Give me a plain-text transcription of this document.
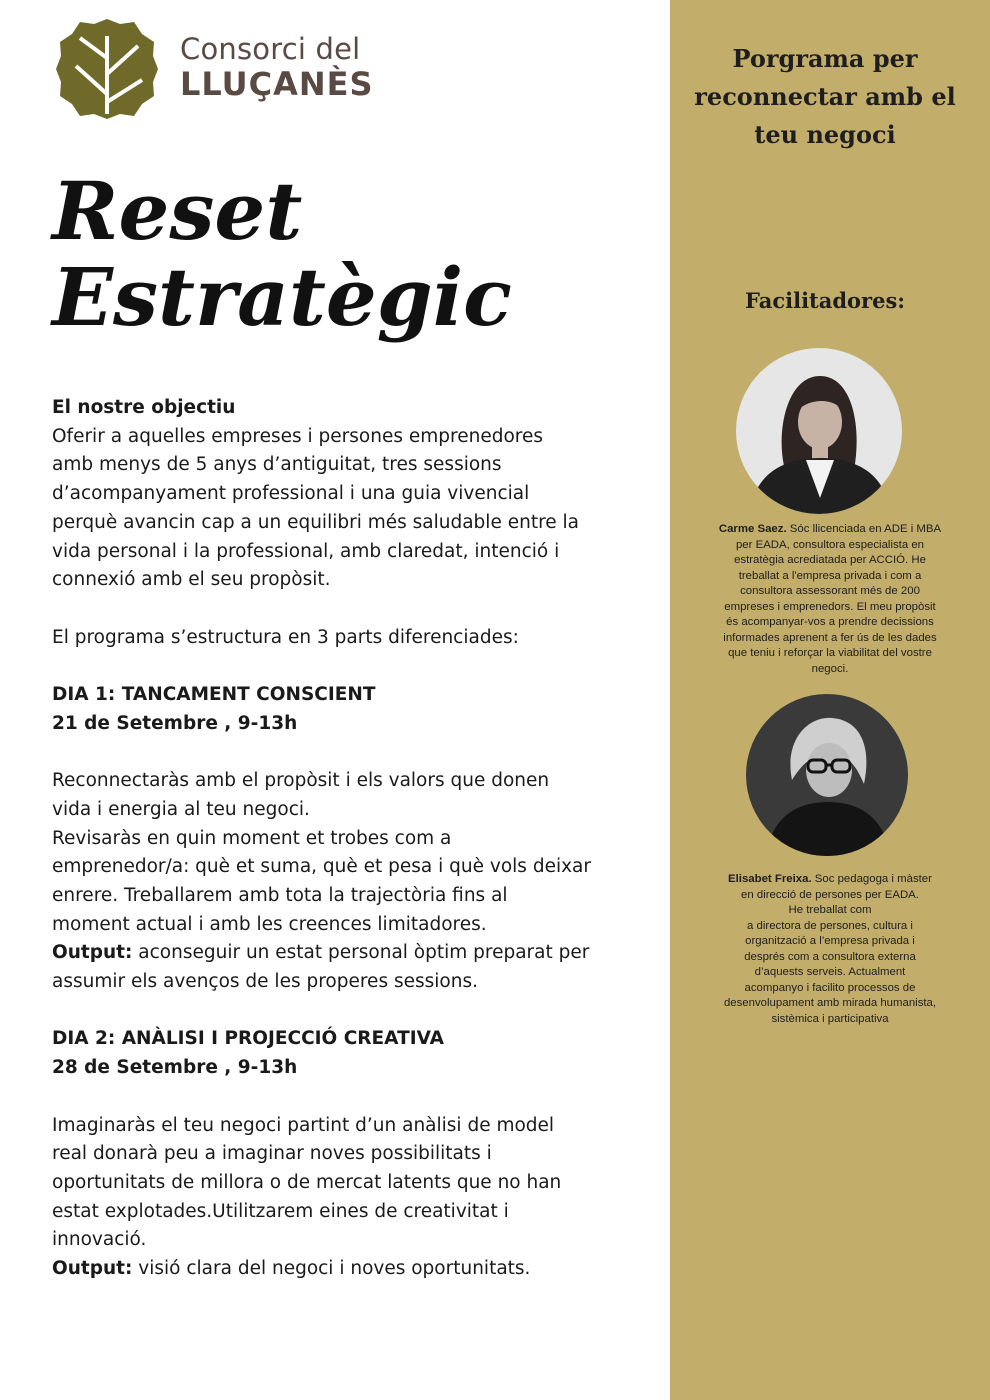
Consorci del
LLUÇANÈS
Reset
Estratègic

El nostre objectiu

Oferir a aquelles empreses i persones emprenedores

amb menys de 5 anys d’antiguitat, tres sessions

d’acompanyament professional i una guia vivencial

perquè avancin cap a un equilibri més saludable entre la

vida personal i la professional, amb claredat, intenció i

connexió amb el seu propòsit.

El programa s’estructura en 3 parts diferenciades:

DIA 1: TANCAMENT CONSCIENT

21 de Setembre , 9-13h

Reconnectaràs amb el propòsit i els valors que donen

vida i energia al teu negoci.

Revisaràs en quin moment et trobes com a

emprenedor/a: què et suma, què et pesa i què vols deixar

enrere. Treballarem amb tota la trajectòria fins al

moment actual i amb les creences limitadores.

Output: aconseguir un estat personal òptim preparat per

assumir els avenços de les properes sessions.

DIA 2: ANÀLISI I PROJECCIÓ CREATIVA

28 de Setembre , 9-13h

Imaginaràs el teu negoci partint d’un anàlisi de model

real donarà peu a imaginar noves possibilitats i

oportunitats de millora o de mercat latents que no han

estat explotades.Utilitzarem eines de creativitat i

innovació.

Output: visió clara del negoci i noves oportunitats.

Porgrama per
reconnectar amb el
teu negoci
Facilitadores:
Carme Saez. Sóc llicenciada en ADE i MBA
per EADA, consultora especialista en
estratègia acrediatada per ACCIÓ. He
treballat a l'empresa privada i com a
consultora assessorant més de 200
empreses i emprenedors. El meu propòsit
és acompanyar-vos a prendre decissions
informades aprenent a fer ús de les dades
que teniu i reforçar la viabilitat del vostre
negoci.
Elisabet Freixa. Soc pedagoga i màster
en direcció de persones per EADA.
He treballat com
a directora de persones, cultura i
organització a l’empresa privada i
després com a consultora externa
d’aquests serveis. Actualment
acompanyo i facilito processos de
desenvolupament amb mirada humanista,
sistèmica i participativa
